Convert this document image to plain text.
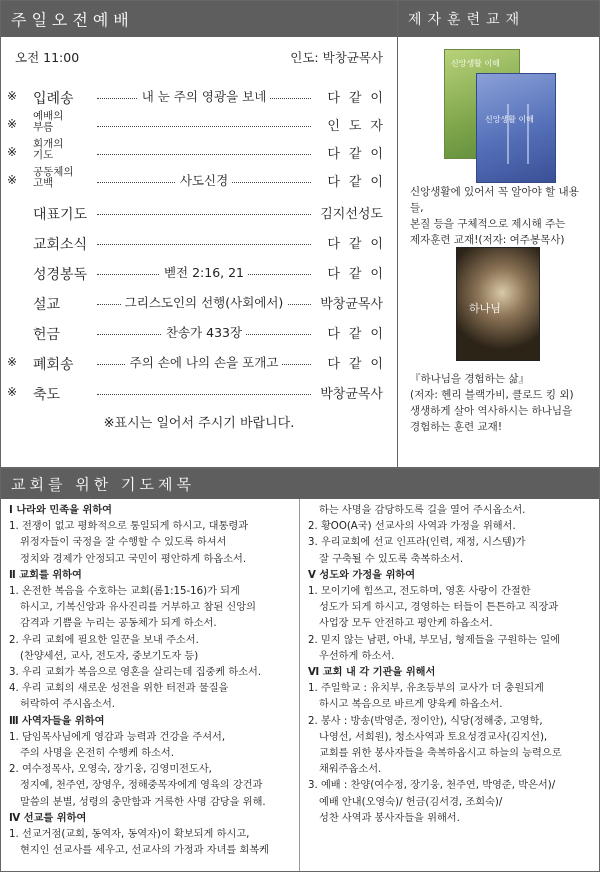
주일오전예배
오전 11:00	인도: 박창균목사
※ 입례송	내 눈 주의 영광을 보네	다같이
※
예배의
부름	인도자
※
회개의
기도	다같이
※
공동체의
고백	사도신경	다같이
대표기도	김지선성도
교회소식	다같이
성경봉독	벧전 2:16, 21	다같이
설교	그리스도인의 선행(사회에서)	박창균목사
헌금	찬송가 433장	다같이
※ 폐회송	주의 손에 나의 손을 포개고	다같이
※ 축도	박창균목사
※표시는 일어서 주시기 바랍니다.
제자훈련교재
신앙생활 이해
신앙생활 이해
신앙생활에 있어서 꼭 알아야 할 내용들,
본질 등을 구체적으로 제시해 주는
제자훈련 교재!(저자: 여주봉목사)
하나님
『하나님을 경험하는 삶』
(저자: 헨리 블랙가비, 클로드 킹 외)
생생하게 살아 역사하시는 하나님을
경험하는 훈련 교재!
교회를 위한 기도제목
Ⅰ 나라와 민족을 위하여
1. 전쟁이 없고 평화적으로 통일되게 하시고, 대통령과
위정자들이 국정을 잘 수행할 수 있도록 하셔서
정치와 경제가 안정되고 국민이 평안하게 하옵소서.
Ⅱ 교회를 위하여
1. 온전한 복음을 수호하는 교회(롬1:15-16)가 되게
하시고, 기복신앙과 유사진리를 거부하고 참된 신앙의
감격과 기쁨을 누리는 공동체가 되게 하소서.
2. 우리 교회에 필요한 일꾼을 보내 주소서.
(찬양세션, 교사, 전도자, 중보기도자 등)
3. 우리 교회가 복음으로 영혼을 살리는데 집중케 하소서.
4. 우리 교회의 새로운 성전을 위한 터전과 물질을
허락하여 주시옵소서.
Ⅲ 사역자들을 위하여
1. 담임목사님에게 영감과 능력과 건강을 주셔서,
주의 사명을 온전히 수행케 하소서.
2. 여수정목사, 오영숙, 장기웅, 김영미전도사,
정지예, 천주연, 장영우, 정해중목자에게 영육의 강건과
말씀의 분별, 성령의 충만함과 거룩한 사명 감당을 위해.
Ⅳ 선교를 위하여
1. 선교거점(교회, 동역자, 동역자)이 확보되게 하시고,
현지인 선교사를 세우고, 선교사의 가정과 자녀를 회복케
하는 사명을 감당하도록 길을 열어 주시옵소서.
2. 황OO(A국) 선교사의 사역과 가정을 위해서.
3. 우리교회에 선교 인프라(인력, 재정, 시스템)가
잘 구축될 수 있도록 축복하소서.
Ⅴ 성도와 가정을 위하여
1. 모이기에 힘쓰고, 전도하며, 영혼 사랑이 간절한
성도가 되게 하시고, 경영하는 터들이 튼튼하고 직장과
사업장 모두 안전하고 평안케 하옵소서.
2. 믿지 않는 남편, 아내, 부모님, 형제들을 구원하는 일에
우선하게 하소서.
Ⅵ 교회 내 각 기관을 위해서
1. 주일학교 : 유치부, 유초등부의 교사가 더 충원되게
하시고 복음으로 바르게 양육케 하옵소서.
2. 봉사 : 방송(박영준, 정이안), 식당(정해중, 고영학,
나영선, 서희원), 청소사역과 토요성경교사(김지선),
교회를 위한 봉사자들을 축복하옵시고 하늘의 능력으로
채워주옵소서.
3. 예배 : 찬양(여수정, 장기웅, 천주연, 박영준, 박은서)/
예배 안내(오영숙)/ 헌금(김서경, 조희숙)/
성찬 사역과 봉사자들을 위해서.
